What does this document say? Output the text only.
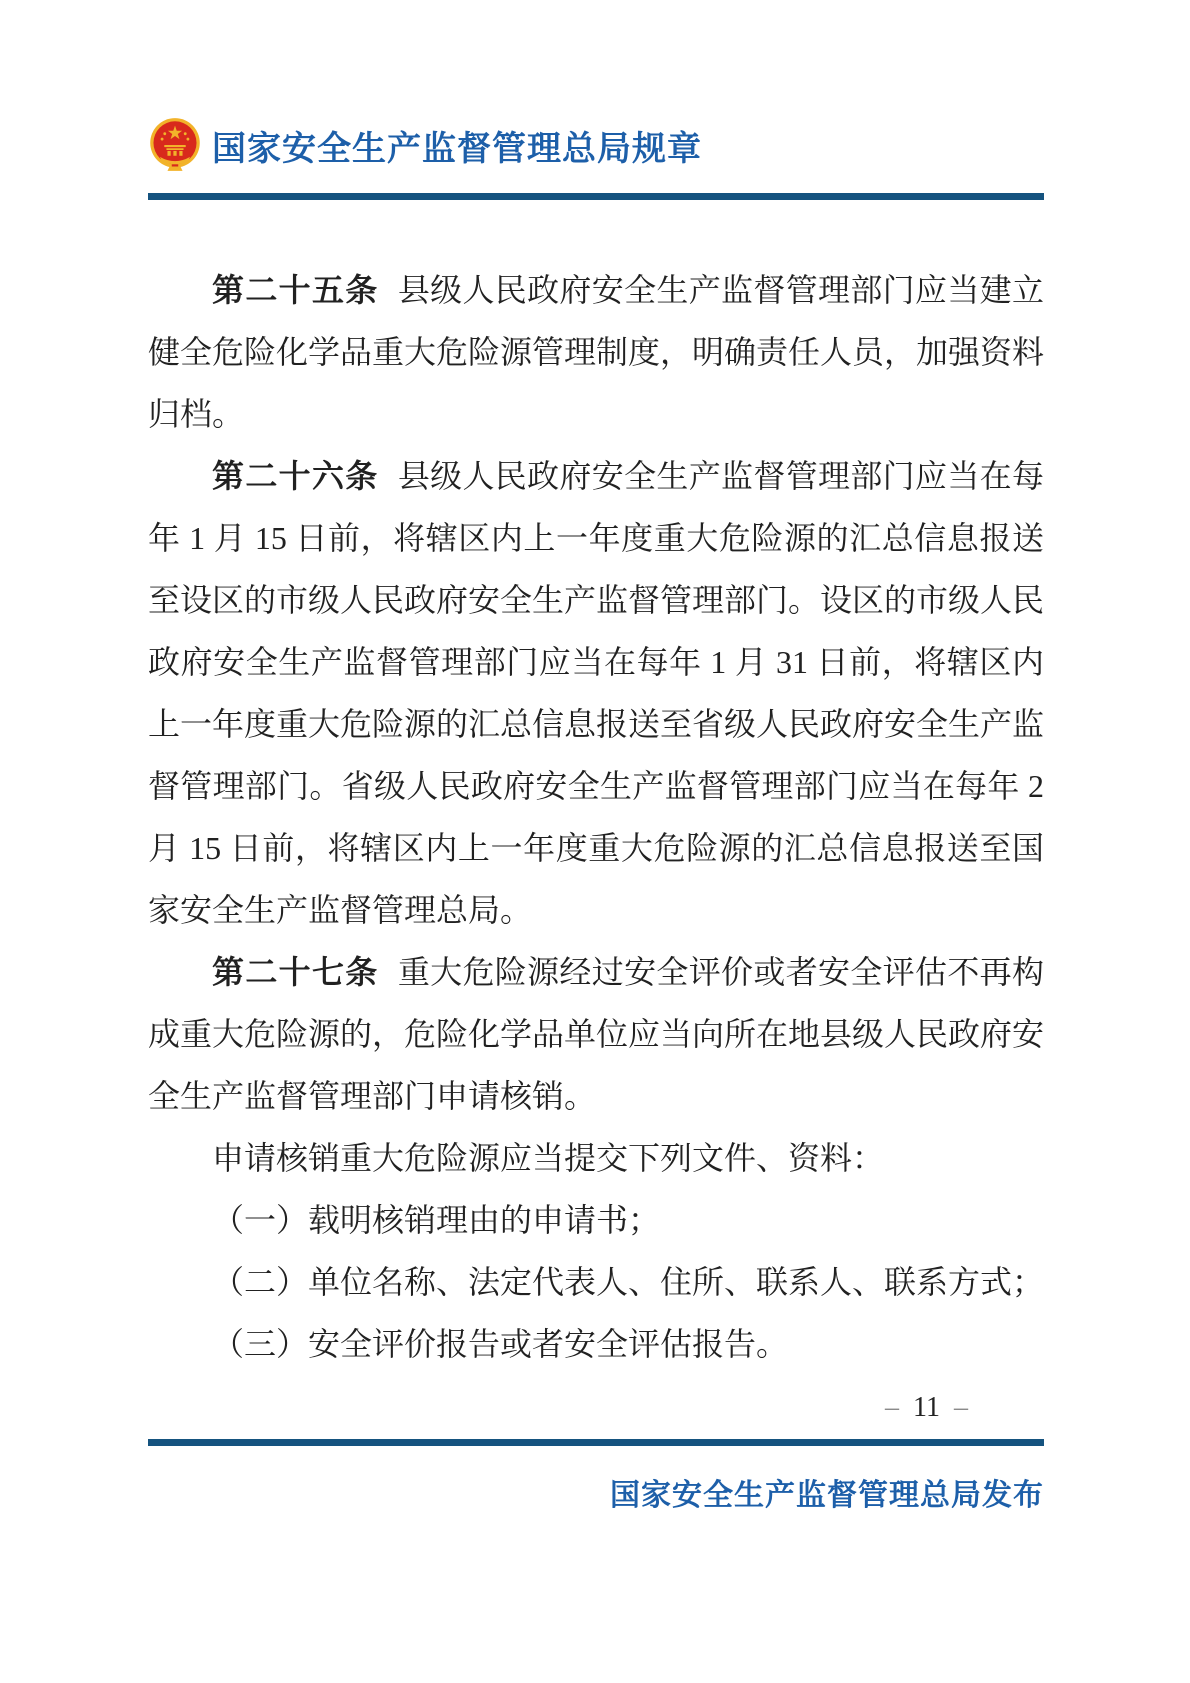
国家安全生产监督管理总局规章

第二十五条 县级人民政府安全生产监督管理部门应当建立健全危险化学品重大危险源管理制度，明确责任人员，加强资料归档。

第二十六条 县级人民政府安全生产监督管理部门应当在每年 1 月 15 日前，将辖区内上一年度重大危险源的汇总信息报送至设区的市级人民政府安全生产监督管理部门。设区的市级人民政府安全生产监督管理部门应当在每年 1 月 31 日前，将辖区内上一年度重大危险源的汇总信息报送至省级人民政府安全生产监督管理部门。省级人民政府安全生产监督管理部门应当在每年 2 月 15 日前，将辖区内上一年度重大危险源的汇总信息报送至国家安全生产监督管理总局。

第二十七条 重大危险源经过安全评价或者安全评估不再构成重大危险源的，危险化学品单位应当向所在地县级人民政府安全生产监督管理部门申请核销。

申请核销重大危险源应当提交下列文件、资料：

（一）载明核销理由的申请书；

（二）单位名称、法定代表人、住所、联系人、联系方式；

（三）安全评价报告或者安全评估报告。

–  11  –
国家安全生产监督管理总局发布
